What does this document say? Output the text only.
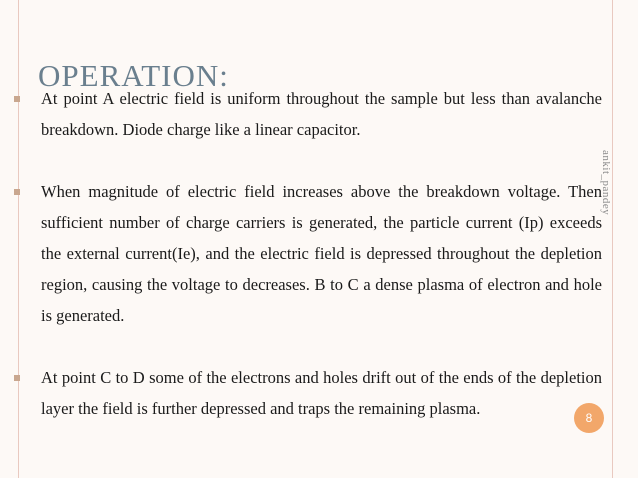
At point A electric field is uniform throughout the sample but less than avalanche breakdown. Diode charge like a linear capacitor.
When magnitude of electric field increases above the breakdown voltage. Then sufficient number of charge carriers is generated, the particle current (Ip) exceeds the external current(Ie), and the electric field is depressed throughout the depletion region, causing the voltage to decreases. B to C a dense plasma of electron and hole is generated.
At point C to D some of the electrons and holes drift out of the ends of the depletion layer the field is further depressed and traps the remaining plasma.
OPERATION:
ankit_pandey
8
